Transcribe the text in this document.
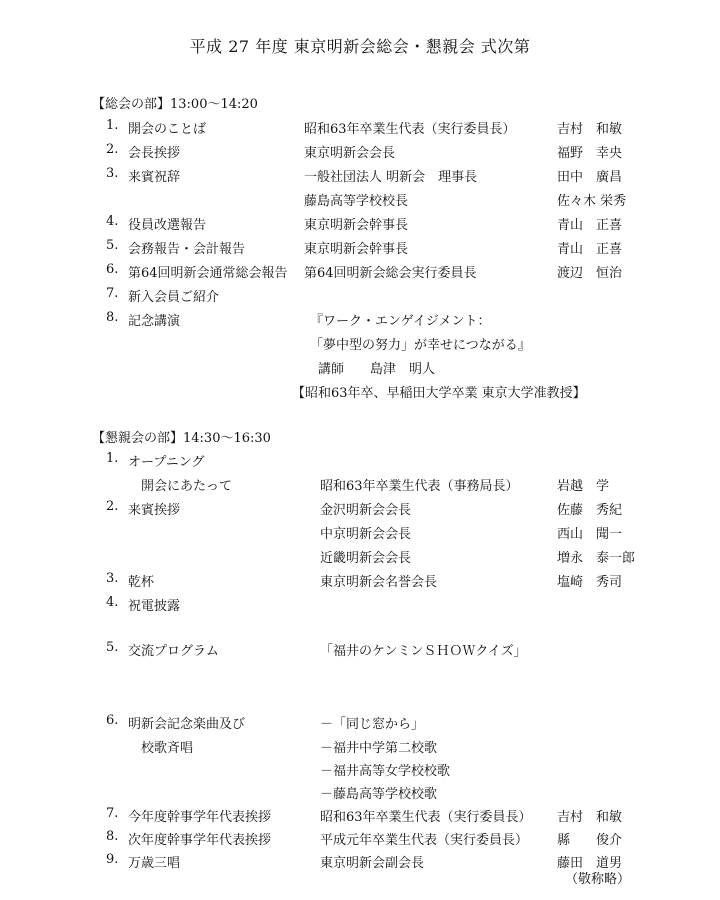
平成 27 年度 東京明新会総会・懇親会 式次第
【総会の部】13:00〜14:20
1. 開会のことば	昭和63年卒業生代表（実行委員長）	吉村　和敏
2. 会長挨拶	東京明新会会長	福野　幸央
3. 来賓祝辞	一般社団法人 明新会　理事長	田中　廣昌
藤島高等学校校長	佐々木 栄秀
4. 役員改選報告	東京明新会幹事長	青山　正喜
5. 会務報告・会計報告	東京明新会幹事長	青山　正喜
6. 第64回明新会通常総会報告 第64回明新会総会実行委員長	渡辺　恒治
7. 新入会員ご紹介
8. 記念講演	『ワーク・エンゲイジメント：
「夢中型の努力」が幸せにつながる』
講師　　島津　明人
【昭和63年卒、早稲田大学卒業 東京大学准教授】
【懇親会の部】14:30〜16:30
1. オープニング
　開会にあたって	昭和63年卒業生代表（事務局長）	岩越　学
2. 来賓挨拶	金沢明新会会長	佐藤　秀紀
中京明新会会長	西山　聞一
近畿明新会会長	増永　泰一郎
3. 乾杯	東京明新会名誉会長	塩崎　秀司
4. 祝電披露
5. 交流プログラム	「福井のケンミンＳＨＯＷクイズ」
6. 明新会記念楽曲及び	－「同じ窓から」
　校歌斉唱	－福井中学第二校歌
－福井高等女学校校歌
－藤島高等学校校歌
7. 今年度幹事学年代表挨拶	昭和63年卒業生代表（実行委員長） 吉村　和敏
8. 次年度幹事学年代表挨拶	平成元年卒業生代表（実行委員長） 縣　　俊介
9. 万歳三唱	東京明新会副会長	藤田　道男
（敬称略）
